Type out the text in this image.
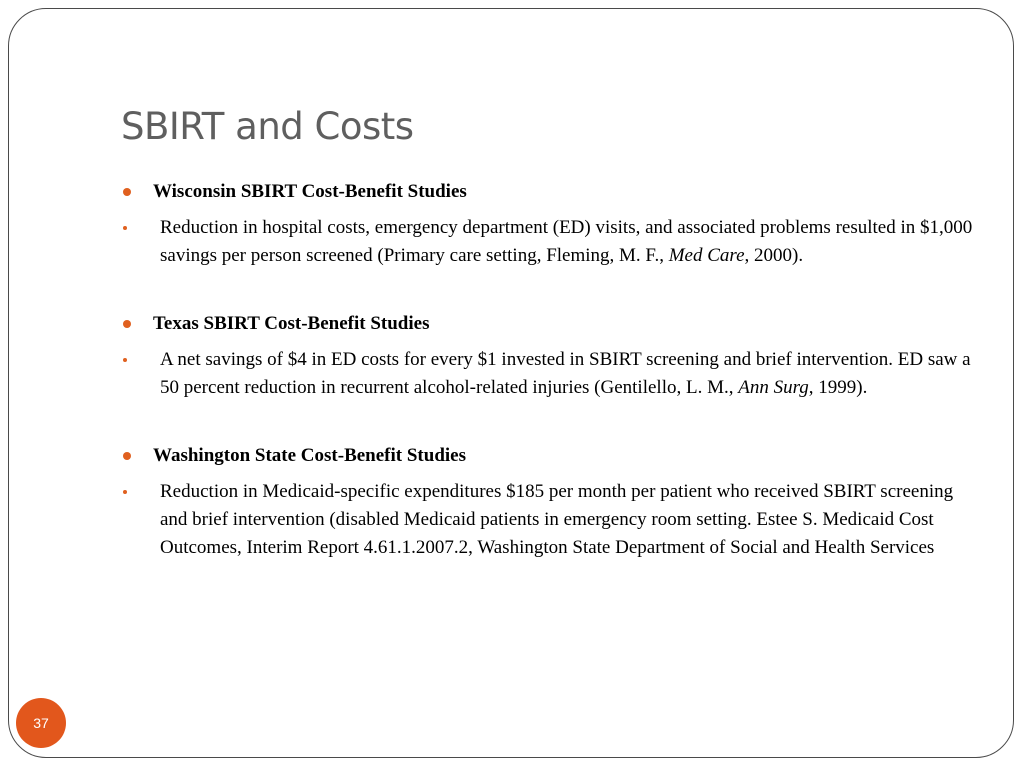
SBIRT and Costs

Wisconsin SBIRT Cost-Benefit Studies

Reduction in hospital costs, emergency department (ED) visits, and associated problems resulted in $1,000 savings per person screened (Primary care setting, Fleming, M. F., Med Care, 2000).

Texas SBIRT Cost-Benefit Studies

A net savings of $4 in ED costs for every $1 invested in SBIRT screening and brief intervention. ED saw a 50 percent reduction in recurrent alcohol-related injuries (Gentilello, L. M., Ann Surg, 1999).

Washington State Cost-Benefit Studies

Reduction in Medicaid-specific expenditures $185 per month per patient who received SBIRT screening and brief intervention (disabled Medicaid patients in emergency room setting. Estee S. Medicaid Cost Outcomes, Interim Report 4.61.1.2007.2, Washington State Department of Social and Health Services
37
